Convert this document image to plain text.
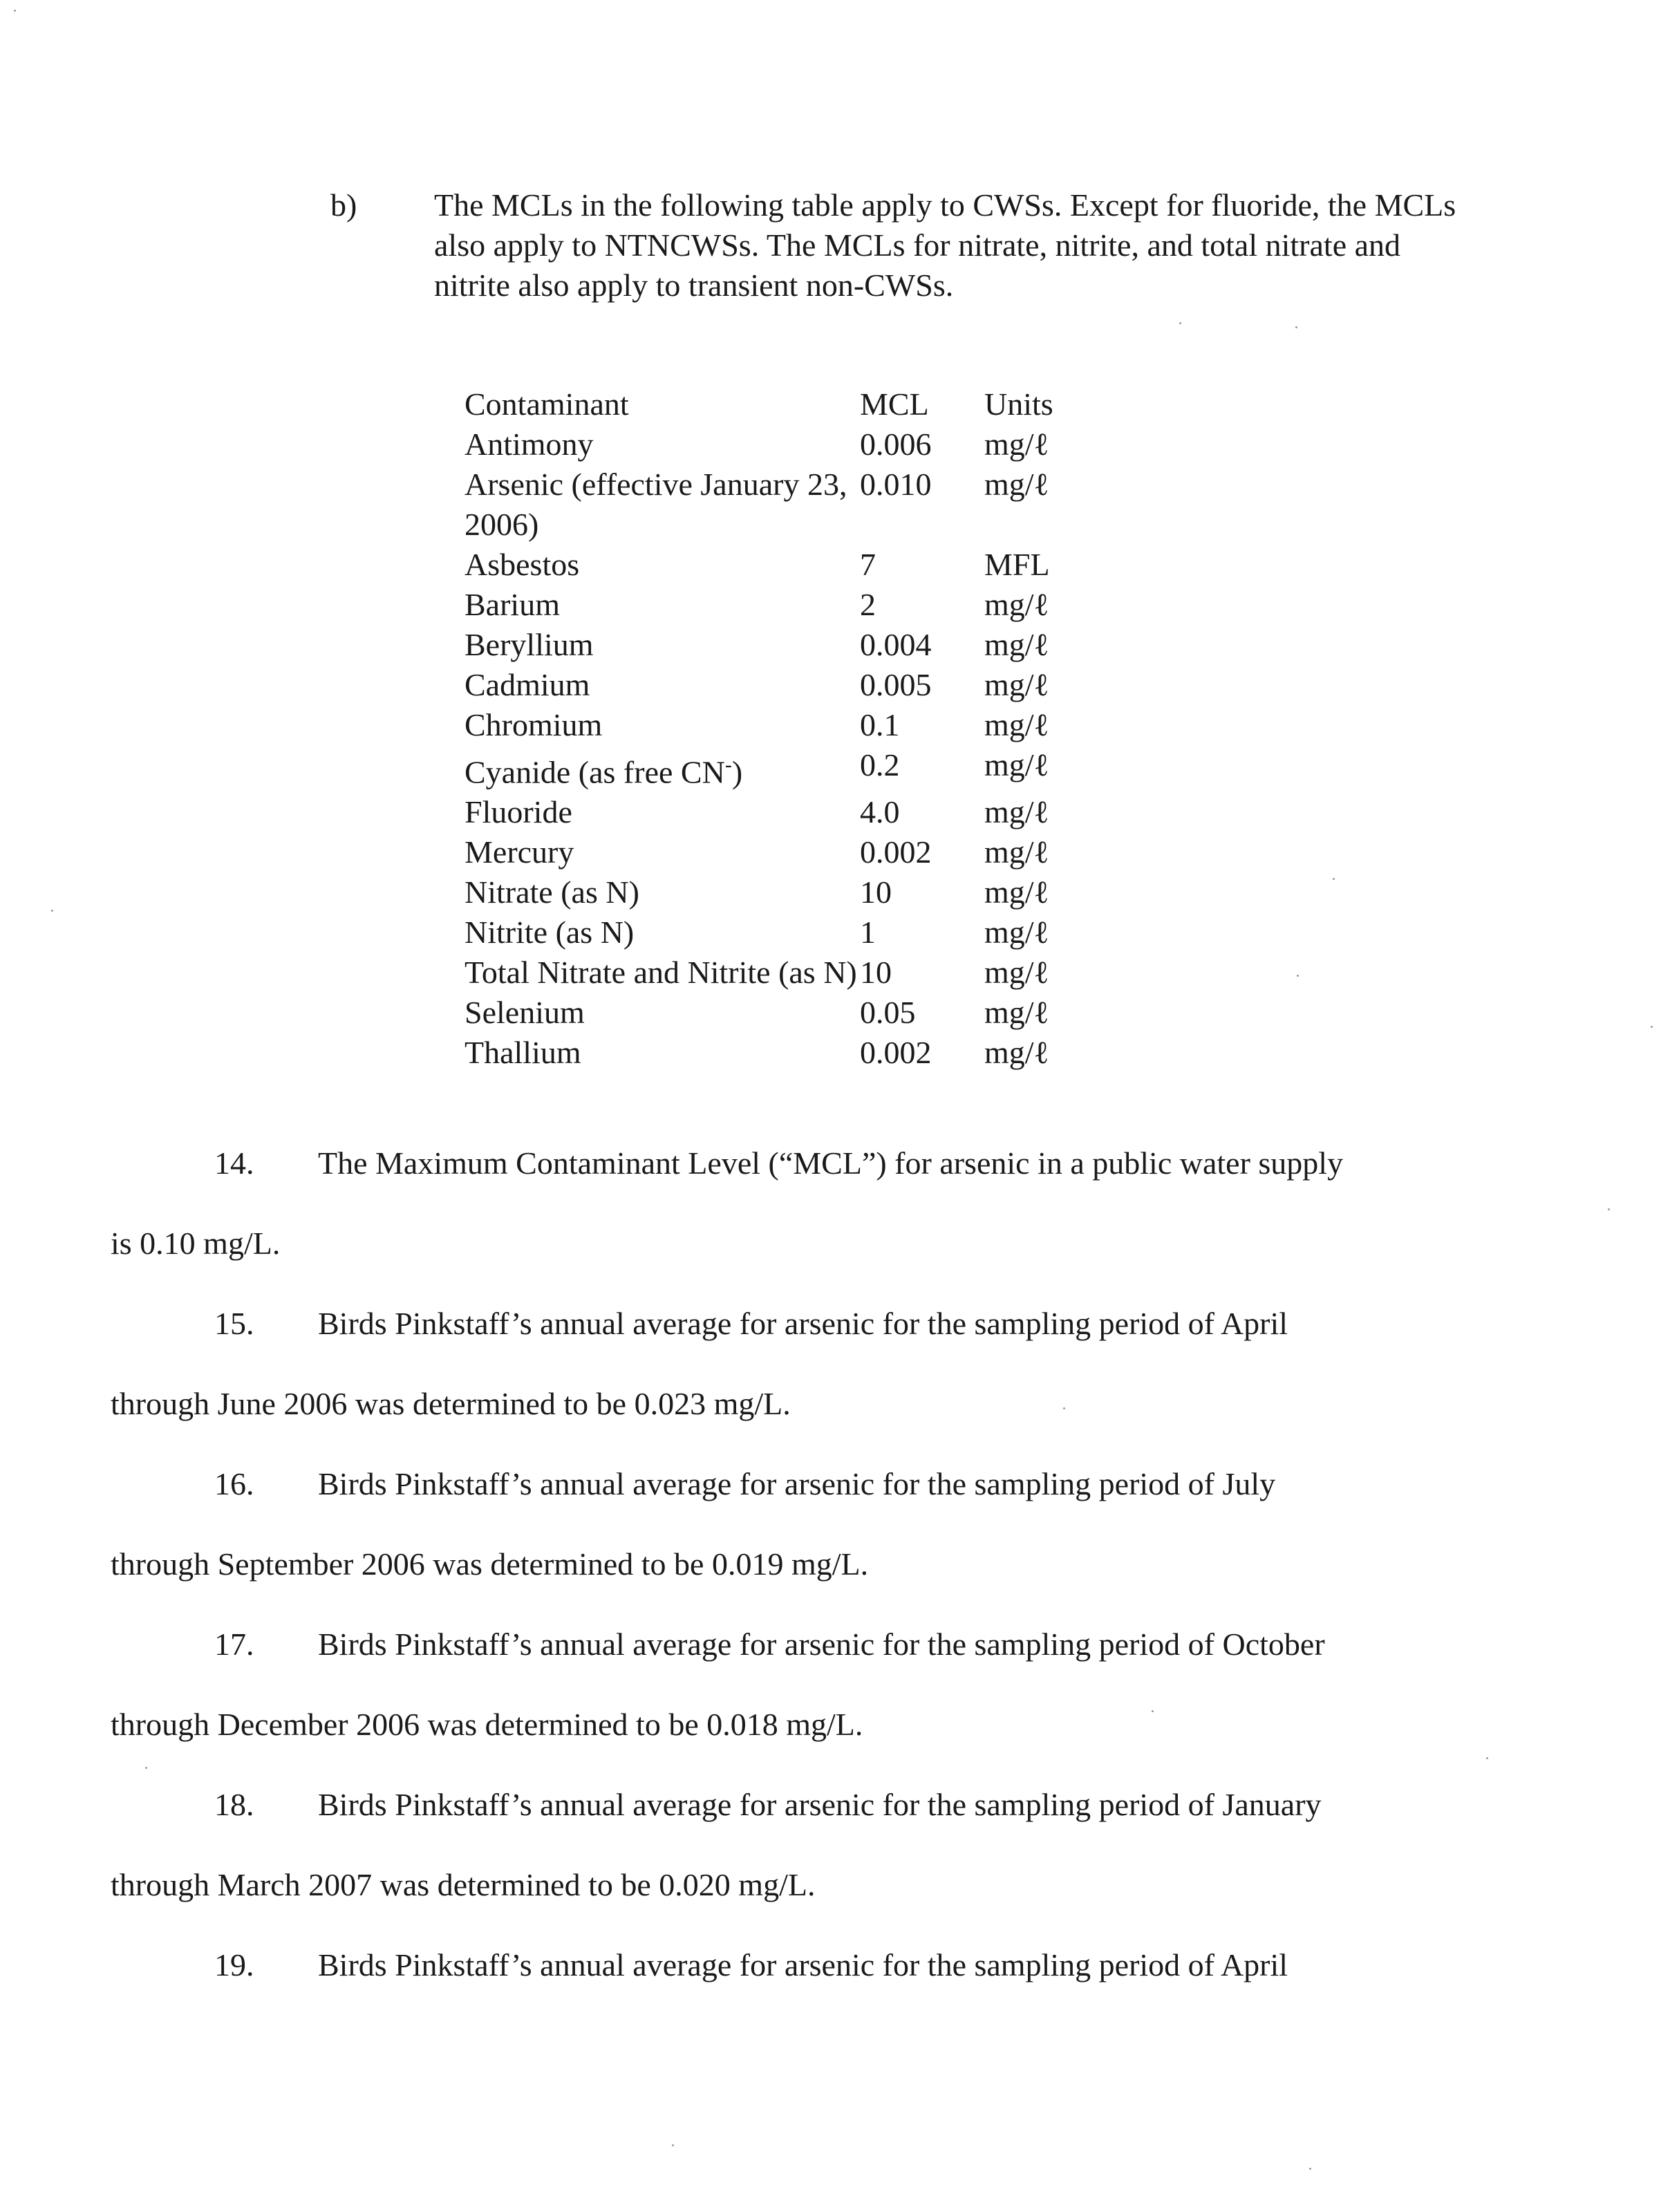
b) The MCLs in the following table apply to CWSs. Except for fluoride, the MCLs also apply to NTNCWSs. The MCLs for nitrate, nitrite, and total nitrate and nitrite also apply to transient non-CWSs.
Contaminant	MCL	Units
Antimony	0.006	mg/ℓ
Arsenic (effective January 23, 2006)	0.010	mg/ℓ
Asbestos	7	MFL
Barium	2	mg/ℓ
Beryllium	0.004	mg/ℓ
Cadmium	0.005	mg/ℓ
Chromium	0.1	mg/ℓ
Cyanide (as free CN-)	0.2	mg/ℓ
Fluoride	4.0	mg/ℓ
Mercury	0.002	mg/ℓ
Nitrate (as N)	10	mg/ℓ
Nitrite (as N)	1	mg/ℓ
Total Nitrate and Nitrite (as N)	10	mg/ℓ
Selenium	0.05	mg/ℓ
Thallium	0.002	mg/ℓ
14. The Maximum Contaminant Level (“MCL”) for arsenic in a public water supply
is 0.10 mg/L.
15. Birds Pinkstaff’s annual average for arsenic for the sampling period of April
through June 2006 was determined to be 0.023 mg/L.
16. Birds Pinkstaff’s annual average for arsenic for the sampling period of July
through September 2006 was determined to be 0.019 mg/L.
17. Birds Pinkstaff’s annual average for arsenic for the sampling period of October
through December 2006 was determined to be 0.018 mg/L.
18. Birds Pinkstaff’s annual average for arsenic for the sampling period of January
through March 2007 was determined to be 0.020 mg/L.
19. Birds Pinkstaff’s annual average for arsenic for the sampling period of April
